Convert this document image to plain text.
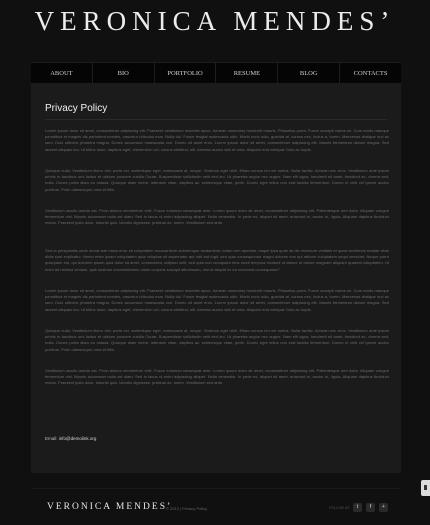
VERONICA MENDES’
ABOUT	BIO	PORTFOLIO	RESUME	BLOG	CONTACTS
Privacy Policy

Lorem ipsum dolor sit amet, consectetuer adipiscing elit. Praesent vestibulum molestie lacus. Aenean nonummy hendrerit mauris. Phasellus porta. Fusce suscipit varius mi. Cum sociis natoque penatibus et magnis dis parturient montes, nascetur ridiculus mus. Nulla dui. Fusce feugiat malesuada odio. Morbi nunc odio, gravida at, cursus nec, luctus a, lorem. Maecenas tristique orci ac sem. Duis ultricies pharetra magna. Donec accumsan malesuada orci. Donec sit amet eros. Lorem ipsum dolor sit amet, consectetuer adipiscing elit. Mauris fermentum dictum magna. Sed laoreet aliquam leo. Ut tellus dolor, dapibus eget, elementum vel, cursus eleifend, elit. Aenean auctor wisi et urna. Aliquam erat volutpat. Duis ac turpis.

Quisque nulla. Vestibulum libero nisl, porta vel, scelerisque eget, malesuada at, neque. Vivamus eget nibh. Etiam cursus leo vel metus. Nulla facilisi. Aenean nec eros. Vestibulum ante ipsum primis in faucibus orci luctus et ultrices posuere cubilia Curae; Suspendisse sollicitudin velit sed leo. Ut pharetra augue nec augue. Nam elit agna, hendrerit sit amet, tincidunt ac, viverra sed, nulla. Donec porta diam eu massa. Quisque diam lorem, interdum vitae, dapibus ac, scelerisque vitae, pede. Donec eget tellus non erat lacinia fermentum. Donec in velit vel ipsum auctor pulvinar. Proin ullamcorper urna et felis.

Vestibulum iaculis lacinia est. Proin dictum elementum velit. Fusce euismod consequat ante. Lorem ipsum dolor sit amet, consectetuer adipiscing elit. Pellentesque sed dolor. Aliquam congue fermentum nisl. Mauris accumsan nulla vel diam. Sed in lacus ut enim adipiscing aliquet. Nulla venenatis. In pede mi, aliquet sit amet, euismod in, auctor ut, ligula. Aliquam dapibus tincidunt metus. Praesent justo dolor, lobortis quis, lobortis dignissim, pulvinar ac, lorem. Vestibulum sed ante.

Sed ut perspiciatis unde omnis iste natus error sit voluptatem accusantium doloremque laudantium, totam rem aperiam, eaque ipsa quae ab illo inventore veritatis et quasi architecto beatae vitae dicta sunt explicabo. Nemo enim ipsam voluptatem quia voluptas sit aspernatur aut odit aut fugit, sed quia consequuntur magni dolores eos qui ratione voluptatem sequi nesciunt. Neque porro quisquam est, qui dolorem ipsum quia dolor sit amet, consectetur, adipisci velit, sed quia non numquam eius modi tempora incidunt ut labore et dolore magnam aliquam quaerat voluptatem. Ut enim ad minima veniam, quis nostrum exercitationem ullam corporis suscipit laboriosam, nisi ut aliquid ex ea commodi consequatur?

Lorem ipsum dolor sit amet, consectetuer adipiscing elit. Praesent vestibulum molestie lacus. Aenean nonummy hendrerit mauris. Phasellus porta. Fusce suscipit varius mi. Cum sociis natoque penatibus et magnis dis parturient montes, nascetur ridiculus mus. Nulla dui. Fusce feugiat malesuada odio. Morbi nunc odio, gravida at, cursus nec, luctus a, lorem. Maecenas tristique orci ac sem. Duis ultricies pharetra magna. Donec accumsan malesuada orci. Donec sit amet eros. Lorem ipsum dolor sit amet, consectetuer adipiscing elit. Mauris fermentum dictum magna. Sed laoreet aliquam leo. Ut tellus dolor, dapibus eget, elementum vel, cursus eleifend, elit. Aenean auctor wisi et urna. Aliquam erat volutpat. Duis ac turpis.

Quisque nulla. Vestibulum libero nisl, porta vel, scelerisque eget, malesuada at, neque. Vivamus eget nibh. Etiam cursus leo vel metus. Nulla facilisi. Aenean nec eros. Vestibulum ante ipsum primis in faucibus orci luctus et ultrices posuere cubilia Curae; Suspendisse sollicitudin velit sed leo. Ut pharetra augue nec augue. Nam elit agna, hendrerit sit amet, tincidunt ac, viverra sed, nulla. Donec porta diam eu massa. Quisque diam lorem, interdum vitae, dapibus ac, scelerisque vitae, pede. Donec eget tellus non erat lacinia fermentum. Donec in velit vel ipsum auctor pulvinar. Proin ullamcorper urna et felis.

Vestibulum iaculis lacinia est. Proin dictum elementum velit. Fusce euismod consequat ante. Lorem ipsum dolor sit amet, consectetuer adipiscing elit. Pellentesque sed dolor. Aliquam congue fermentum nisl. Mauris accumsan nulla vel diam. Sed in lacus ut enim adipiscing aliquet. Nulla venenatis. In pede mi, aliquet sit amet, euismod in, auctor ut, ligula. Aliquam dapibus tincidunt metus. Praesent justo dolor, lobortis quis, lobortis dignissim, pulvinar ac, lorem. Vestibulum sed ante.

Email: info@demolink.org
VERONICA MENDES’
© 2012 | Privacy Policy	FOLLOW US	t	f	+
